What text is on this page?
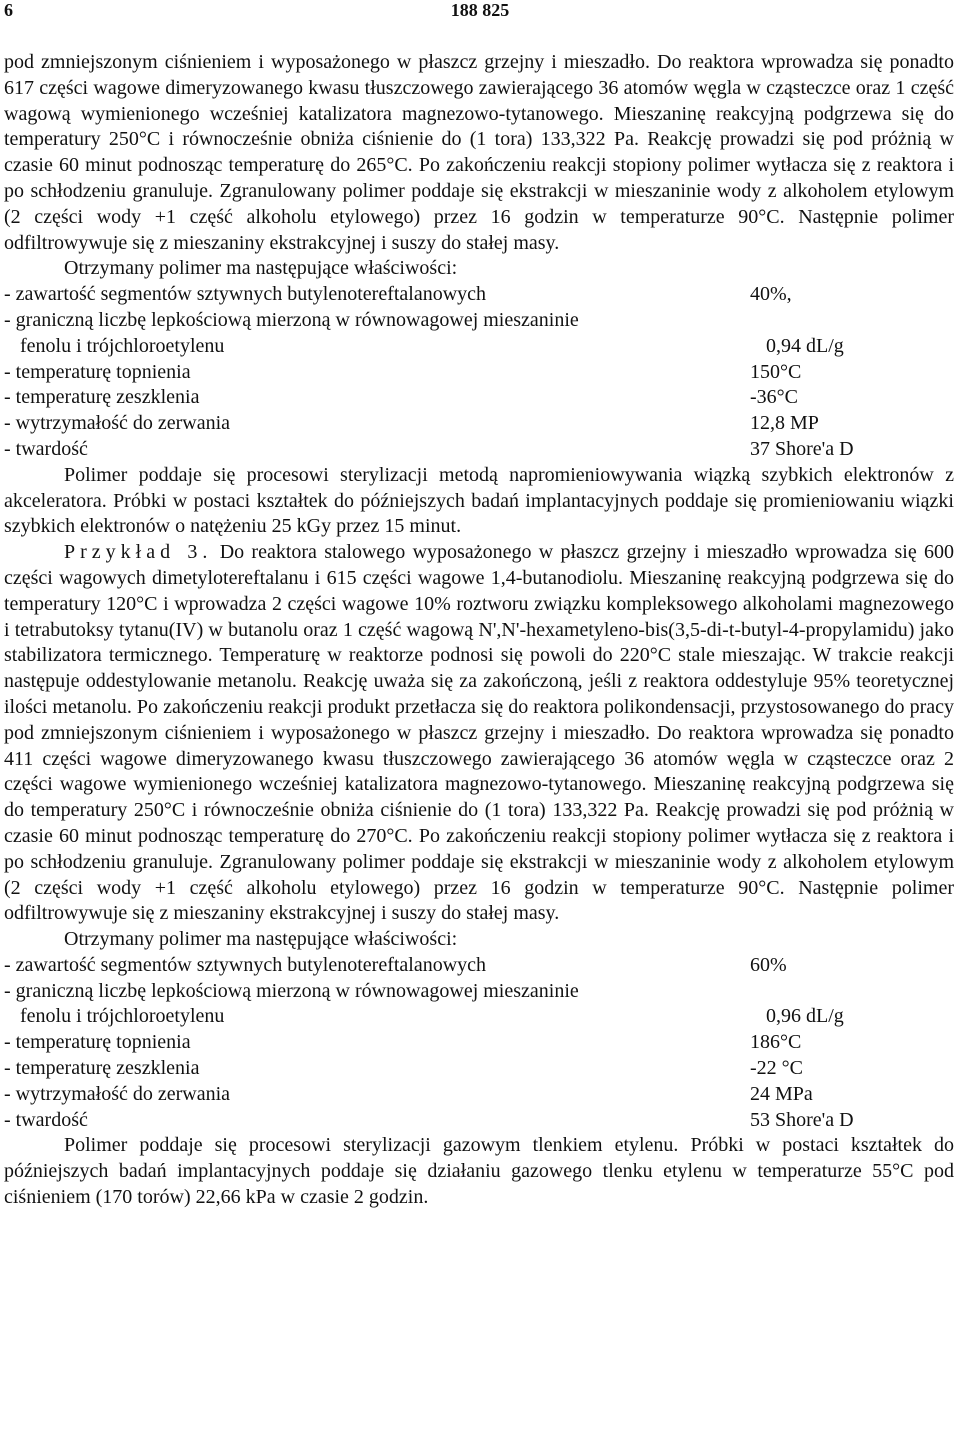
6	188 825

pod zmniejszonym ciśnieniem i wyposażonego w płaszcz grzejny i mieszadło. Do reaktora wprowadza się ponadto 617 części wagowe dimeryzowanego kwasu tłuszczowego zawierającego 36 atomów węgla w cząsteczce oraz 1 część wagową wymienionego wcześniej katalizatora magnezowo-tytanowego. Mieszaninę reakcyjną podgrzewa się do temperatury 250°C i równocześnie obniża ciśnienie do (1 tora) 133,322 Pa. Reakcję prowadzi się pod próżnią w czasie 60 minut podnosząc temperaturę do 265°C. Po zakończeniu reakcji stopiony polimer wytłacza się z reaktora i po schłodzeniu granuluje. Zgranulowany polimer poddaje się ekstrakcji w mieszaninie wody z alkoholem etylowym (2 części wody +1 część alkoholu etylowego) przez 16 godzin w temperaturze 90°C. Następnie polimer odfiltrowywuje się z mieszaniny ekstrakcyjnej i suszy do stałej masy.

Otrzymany polimer ma następujące właściwości:

- zawartość segmentów sztywnych butylenotereftalanowych	40%,
- graniczną liczbę lepkościową mierzoną w równowagowej mieszaninie
fenolu i trójchloroetylenu	0,94 dL/g
- temperaturę topnienia	150°C
- temperaturę zeszklenia	-36°C
- wytrzymałość do zerwania	12,8 MP
- twardość	37 Shore'a D

Polimer poddaje się procesowi sterylizacji metodą napromieniowywania wiązką szybkich elektronów z akceleratora. Próbki w postaci kształtek do późniejszych badań implantacyjnych poddaje się promieniowaniu wiązki szybkich elektronów o natężeniu 25 kGy przez 15 minut.

Przykład 3. Do reaktora stalowego wyposażonego w płaszcz grzejny i mieszadło wprowadza się 600 części wagowych dimetylotereftalanu i 615 części wagowe 1,4-butanodiolu. Mieszaninę reakcyjną podgrzewa się do temperatury 120°C i wprowadza 2 części wagowe 10% roztworu związku kompleksowego alkoholami magnezowego i tetrabutoksy tytanu(IV) w butanolu oraz 1 część wagową N',N'-hexametyleno-bis(3,5-di-t-butyl-4-propylamidu) jako stabilizatora termicznego. Temperaturę w reaktorze podnosi się powoli do 220°C stale mieszając. W trakcie reakcji następuje oddestylowanie metanolu. Reakcję uważa się za zakończoną, jeśli z reaktora oddestyluje 95% teoretycznej ilości metanolu. Po zakończeniu reakcji produkt przetłacza się do reaktora polikondensacji, przystosowanego do pracy pod zmniejszonym ciśnieniem i wyposażonego w płaszcz grzejny i mieszadło. Do reaktora wprowadza się ponadto 411 części wagowe dimeryzowanego kwasu tłuszczowego zawierającego 36 atomów węgla w cząsteczce oraz 2 części wagowe wymienionego wcześniej katalizatora magnezowo-tytanowego. Mieszaninę reakcyjną podgrzewa się do temperatury 250°C i równocześnie obniża ciśnienie do (1 tora) 133,322 Pa. Reakcję prowadzi się pod próżnią w czasie 60 minut podnosząc temperaturę do 270°C. Po zakończeniu reakcji stopiony polimer wytłacza się z reaktora i po schłodzeniu granuluje. Zgranulowany polimer poddaje się ekstrakcji w mieszaninie wody z alkoholem etylowym (2 części wody +1 część alkoholu etylowego) przez 16 godzin w temperaturze 90°C. Następnie polimer odfiltrowywuje się z mieszaniny ekstrakcyjnej i suszy do stałej masy.

Otrzymany polimer ma następujące właściwości:

- zawartość segmentów sztywnych butylenotereftalanowych	60%
- graniczną liczbę lepkościową mierzoną w równowagowej mieszaninie
fenolu i trójchloroetylenu	0,96 dL/g
- temperaturę topnienia	186°C
- temperaturę zeszklenia	-22 °C
- wytrzymałość do zerwania	24 MPa
- twardość	53 Shore'a D

Polimer poddaje się procesowi sterylizacji gazowym tlenkiem etylenu. Próbki w postaci kształtek do późniejszych badań implantacyjnych poddaje się działaniu gazowego tlenku etylenu w temperaturze 55°C pod ciśnieniem (170 torów) 22,66 kPa w czasie 2 godzin.
